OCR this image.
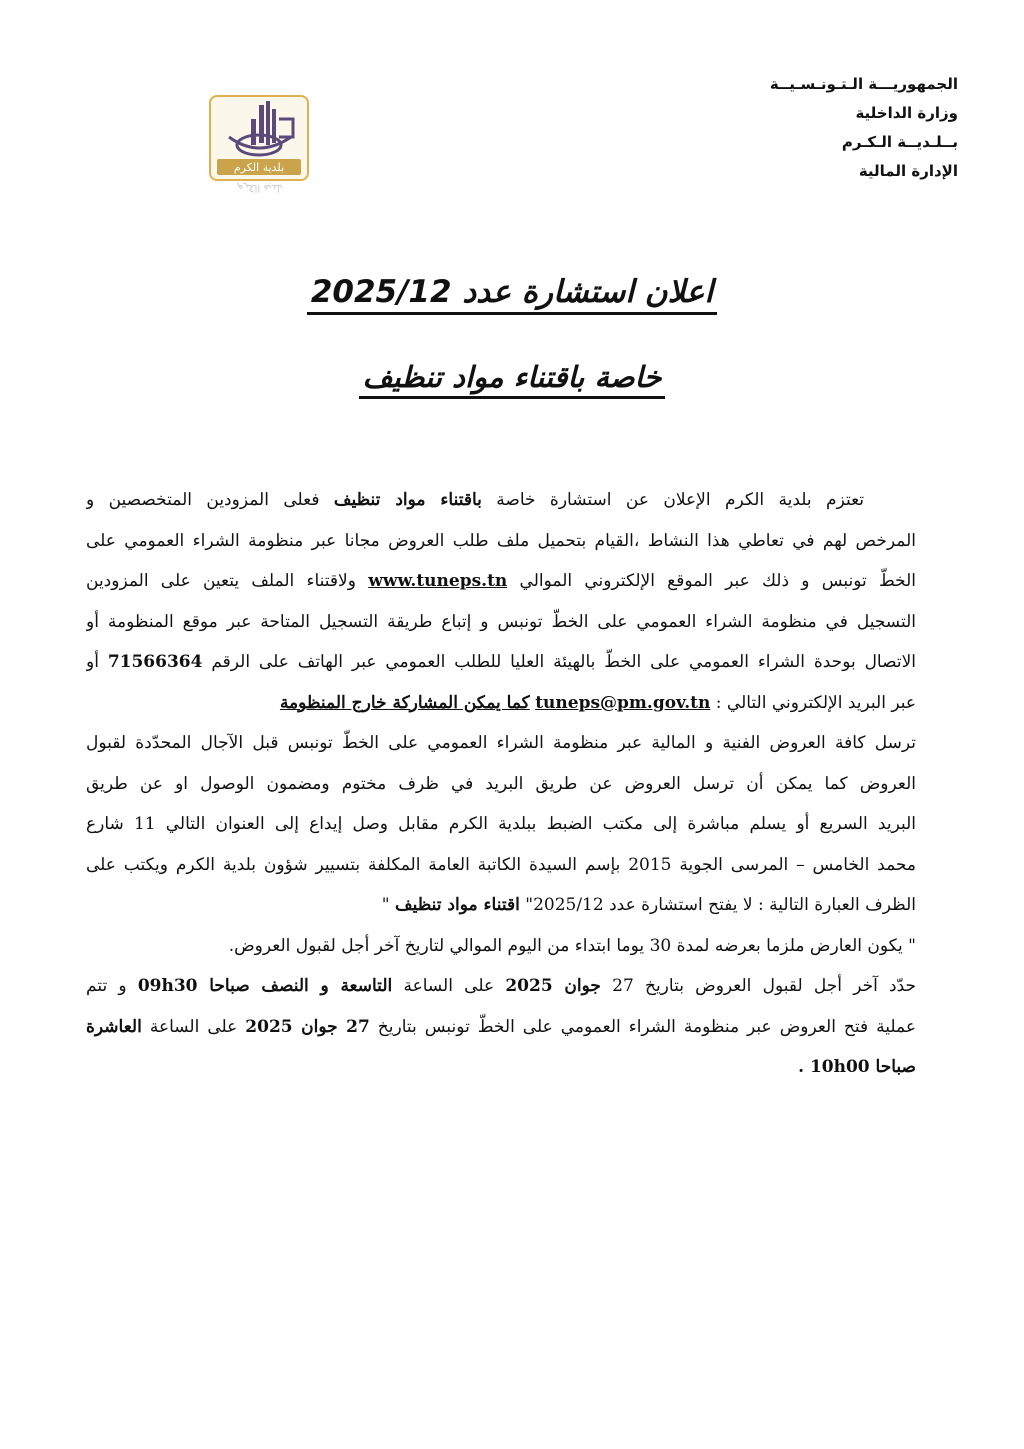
الجمهوريـــة الـتـونـسـيــة
وزارة الداخلية
بــلـديــة الـكـرم
الإدارة المالية
بلدية الكرم
بلدية الكرم
اعلان استشارة عدد 2025/12
خاصة باقتناء مواد تنظيف
تعتزم بلدية الكرم الإعلان عن استشارة خاصة باقتناء مواد تنظيف فعلى المزودين المتخصصين و
المرخص لهم في تعاطي هذا النشاط ،القيام بتحميل ملف طلب العروض مجانا عبر منظومة الشراء العمومي على
الخطّ تونبس و ذلك عبر الموقع الإلكتروني الموالي www.tuneps.tn ولاقتناء الملف يتعين على المزودين
التسجيل في منظومة الشراء العمومي على الخطّ تونبس و إتباع طريقة التسجيل المتاحة عبر موقع المنظومة أو
الاتصال بوحدة الشراء العمومي على الخطّ بالهيئة العليا للطلب العمومي عبر الهاتف على الرقم 71566364 أو
عبر البريد الإلكتروني التالي : tuneps@pm.gov.tn كما يمكن المشاركة خارج المنظومة
ترسل كافة العروض الفنية و المالية عبر منظومة الشراء العمومي على الخطّ تونبس قبل الآجال المحدّدة لقبول
العروض كما يمكن أن ترسل العروض عن طريق البريد في ظرف مختوم ومضمون الوصول او عن طريق
البريد السريع أو يسلم مباشرة إلى مكتب الضبط ببلدية الكرم مقابل وصل إيداع إلى العنوان التالي 11 شارع
محمد الخامس – المرسى الجوية 2015 بإسم السيدة الكاتبة العامة المكلفة بتسيير شؤون بلدية الكرم ويكتب على
الظرف العبارة التالية : لا يفتح استشارة عدد 2025/12" اقتناء مواد تنظيف "
" يكون العارض ملزما بعرضه لمدة 30 يوما ابتداء من اليوم الموالي لتاريخ آخر أجل لقبول العروض.
حدّد آخر أجل لقبول العروض بتاريخ 27 جوان 2025 على الساعة التاسعة و النصف صباحا 09h30 و تتم
عملية فتح العروض عبر منظومة الشراء العمومي على الخطّ تونبس بتاريخ 27 جوان 2025 على الساعة العاشرة
صباحا 10h00 .
